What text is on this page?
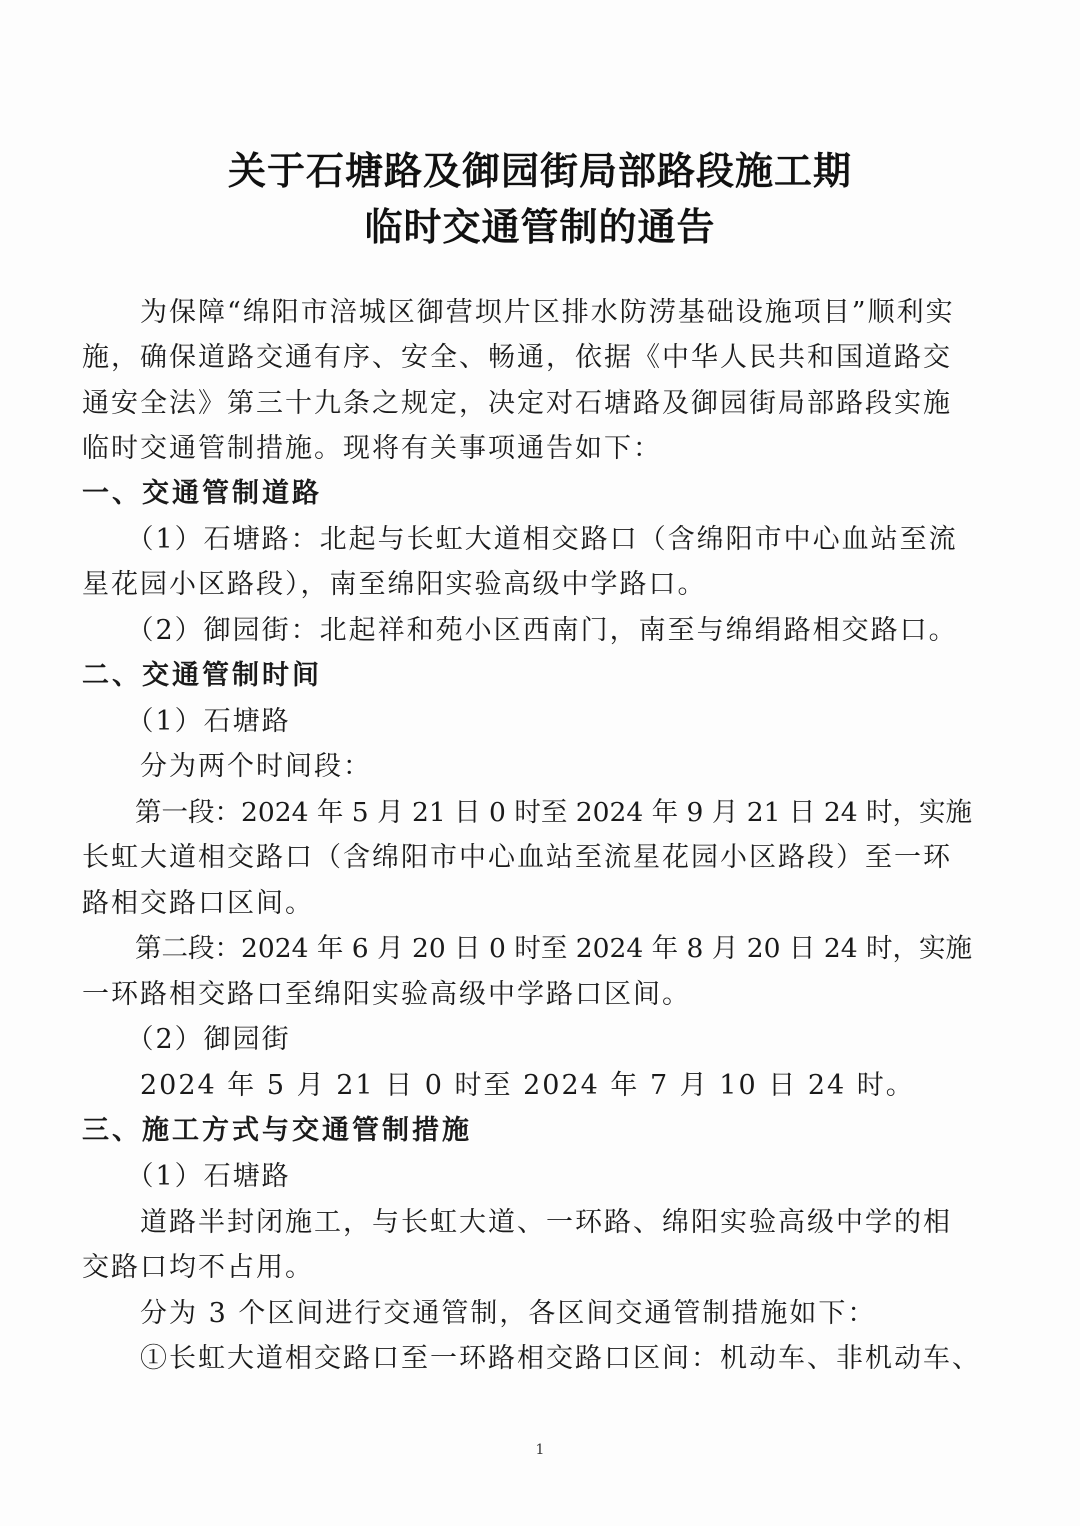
关于石塘路及御园街局部路段施工期
临时交通管制的通告
　　为保障“绵阳市涪城区御营坝片区排水防涝基础设施项目”顺利实
施，确保道路交通有序、安全、畅通，依据《中华人民共和国道路交
通安全法》第三十九条之规定，决定对石塘路及御园街局部路段实施
临时交通管制措施。现将有关事项通告如下：
一、交通管制道路
　　（1）石塘路：北起与长虹大道相交路口（含绵阳市中心血站至流
星花园小区路段），南至绵阳实验高级中学路口。
　　（2）御园街：北起祥和苑小区西南门，南至与绵绢路相交路口。
二、交通管制时间
　　（1）石塘路
　　分为两个时间段：
　　第一段：2024 年 5 月 21 日 0 时至 2024 年 9 月 21 日 24 时，实施
长虹大道相交路口（含绵阳市中心血站至流星花园小区路段）至一环
路相交路口区间。
　　第二段：2024 年 6 月 20 日 0 时至 2024 年 8 月 20 日 24 时，实施
一环路相交路口至绵阳实验高级中学路口区间。
　　（2）御园街
　　2024 年 5 月 21 日 0 时至 2024 年 7 月 10 日 24 时。
三、施工方式与交通管制措施
　　（1）石塘路
　　道路半封闭施工，与长虹大道、一环路、绵阳实验高级中学的相
交路口均不占用。
　　分为 3 个区间进行交通管制，各区间交通管制措施如下：
　　①长虹大道相交路口至一环路相交路口区间：机动车、非机动车、
1
